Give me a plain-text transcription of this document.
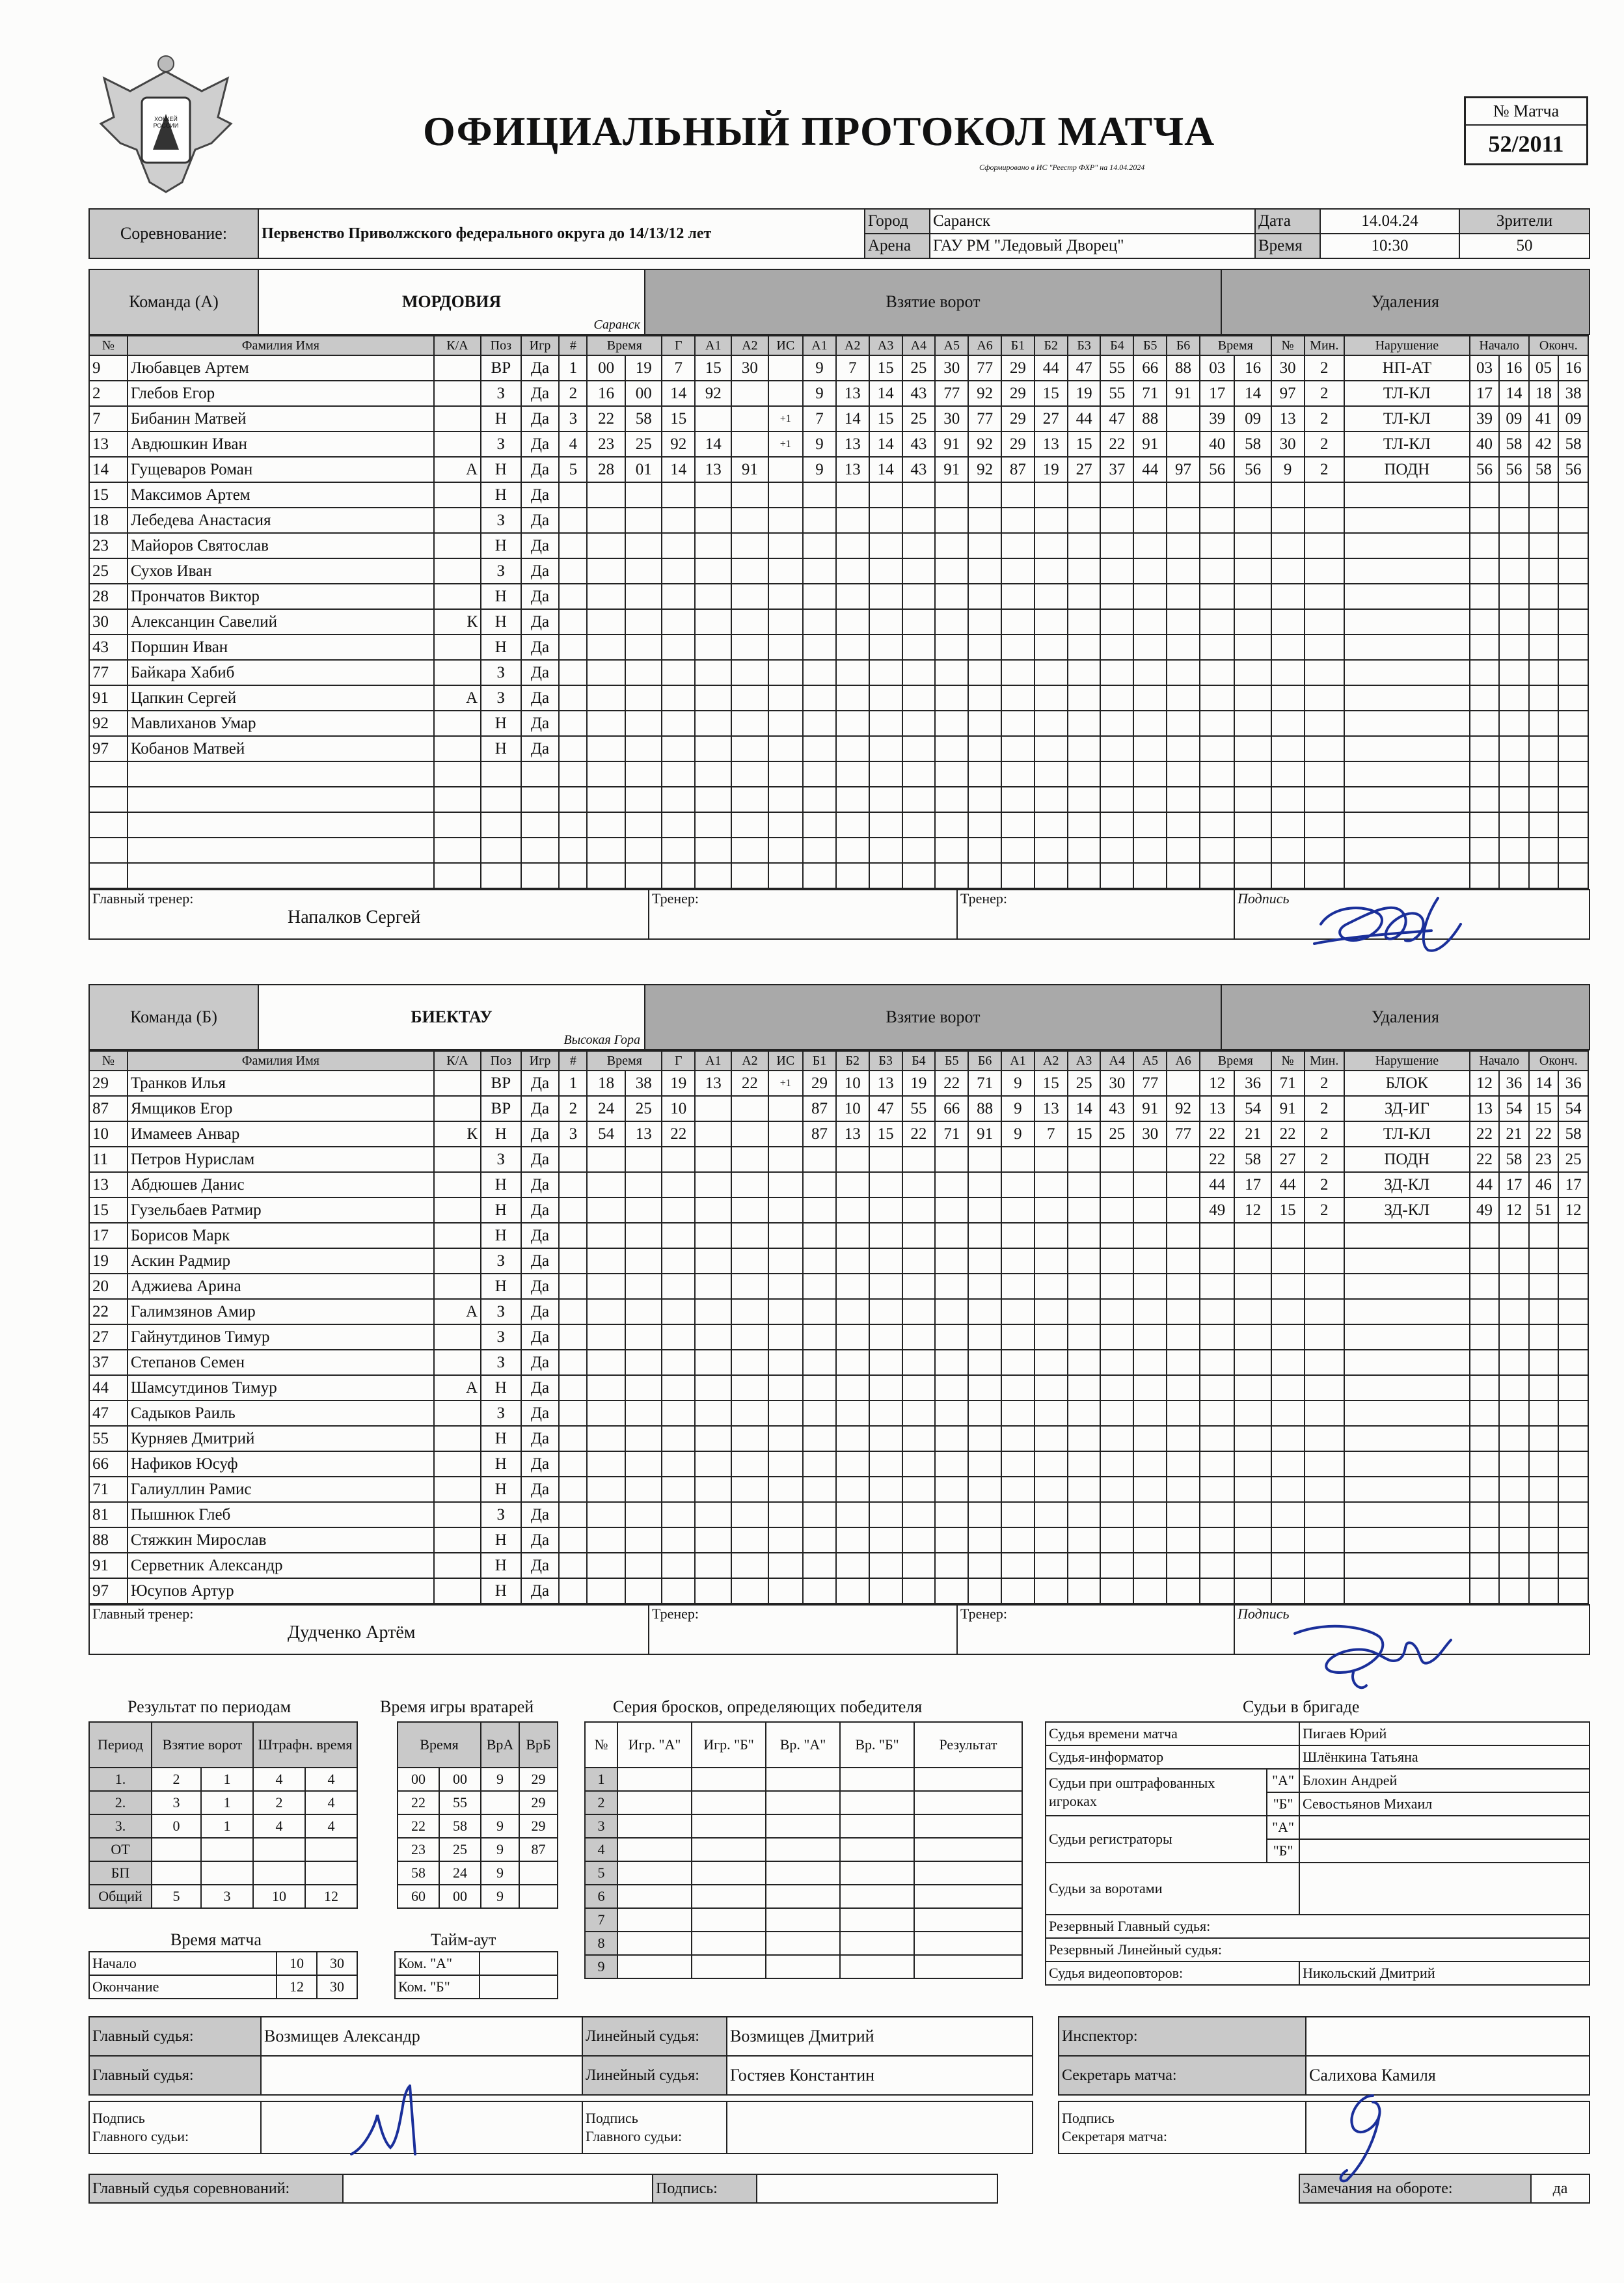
ХОККЕЙ РОССИИ	ОФИЦИАЛЬНЫЙ ПРОТОКОЛ МАТЧА
Сформировано в ИС "Реестр ФХР" на 14.04.2024
№ Матча
52/2011
Соревнование:	Первенство Приволжского федерального округа до 14/13/12 лет	Город	Саранск	Дата	14.04.24	Зрители
		Арена	ГАУ РМ "Ледовый Дворец"	Время	10:30	50
Команда (А)	МОРДОВИЯ
Саранск
	Взятие ворот	Удаления
№	Фамилия Имя	К/А	Поз	Игр	#	Время		Г	А1	А2	ИС	А1	А2	А3	А4	А5	А6	Б1	Б2	Б3	Б4	Б5	Б6	Время		№	Мин.	Нарушение	Начало		Оконч.	
9	Любавцев Артем		ВР	Да	1	00	19	7	15	30		9	7	15	25	30	77	29	44	47	55	66	88	03	16	30	2	НП-АТ	03	16	05	16
2	Глебов Егор		З	Да	2	16	00	14	92			9	13	14	43	77	92	29	15	19	55	71	91	17	14	97	2	ТЛ-КЛ	17	14	18	38
7	Бибанин Матвей		Н	Да	3	22	58	15			+1	7	14	15	25	30	77	29	27	44	47	88		39	09	13	2	ТЛ-КЛ	39	09	41	09
13	Авдюшкин Иван		З	Да	4	23	25	92	14		+1	9	13	14	43	91	92	29	13	15	22	91		40	58	30	2	ТЛ-КЛ	40	58	42	58
14	Гущеваров Роман	А	Н	Да	5	28	01	14	13	91		9	13	14	43	91	92	87	19	27	37	44	97	56	56	9	2	ПОДН	56	56	58	56
15	Максимов Артем		Н	Да																												
18	Лебедева Анастасия		З	Да																												
23	Майоров Святослав		Н	Да																												
25	Сухов Иван		З	Да																												
28	Прончатов Виктор		Н	Да																												
30	Алексанцин Савелий	К	Н	Да																												
43	Поршин Иван		Н	Да																												
77	Байкара Хабиб		З	Да																												
91	Цапкин Сергей	А	З	Да																												
92	Мавлиханов Умар		Н	Да																												
97	Кобанов Матвей		Н	Да																												

Главный тренер:
Напалков Сергей

Тренер:	Тренер:	Подпись
Команда (Б)	БИЕКТАУ
Высокая Гора
	Взятие ворот	Удаления
№	Фамилия Имя	К/А	Поз	Игр	#	Время		Г	А1	А2	ИС	Б1	Б2	Б3	Б4	Б5	Б6	А1	А2	А3	А4	А5	А6	Время		№	Мин.	Нарушение	Начало		Оконч.	
29	Транков Илья		ВР	Да	1	18	38	19	13	22	+1	29	10	13	19	22	71	9	15	25	30	77		12	36	71	2	БЛОК	12	36	14	36
87	Ямщиков Егор		ВР	Да	2	24	25	10				87	10	47	55	66	88	9	13	14	43	91	92	13	54	91	2	ЗД-ИГ	13	54	15	54
10	Имамеев Анвар	К	Н	Да	3	54	13	22				87	13	15	22	71	91	9	7	15	25	30	77	22	21	22	2	ТЛ-КЛ	22	21	22	58
11	Петров Нурислам		З	Да																				22	58	27	2	ПОДН	22	58	23	25
13	Абдюшев Данис		Н	Да																				44	17	44	2	ЗД-КЛ	44	17	46	17
15	Гузельбаев Ратмир		Н	Да																				49	12	15	2	ЗД-КЛ	49	12	51	12
17	Борисов Марк		Н	Да																												
19	Аскин Радмир		З	Да																												
20	Аджиева Арина		Н	Да																												
22	Галимзянов Амир	А	З	Да																												
27	Гайнутдинов Тимур		З	Да																												
37	Степанов Семен		З	Да																												
44	Шамсутдинов Тимур	А	Н	Да																												
47	Садыков Раиль		З	Да																												
55	Курняев Дмитрий		Н	Да																												
66	Нафиков Юсуф		Н	Да																												
71	Галиуллин Рамис		Н	Да																												
81	Пышнюк Глеб		З	Да																												
88	Стяжкин Мирослав		Н	Да																												
91	Серветник Александр		Н	Да																												
97	Юсупов Артур		Н	Да																												
Главный тренер:
Дудченко Артём

Тренер:	Тренер:	Подпись
Результат по периодам
Период	Взятие ворот		Штрафн. время	
1.	2	1	4	4
2.	3	1	2	4
3.	0	1	4	4
ОТ				
БП				
Общий	5	3	10	12
Время игры вратарей
Время		ВрА	ВрБ
00	00	9	29
22	55		29
22	58	9	29
23	25	9	87
58	24	9	
60	00	9	
Серия бросков, определяющих победителя
№	Игр. "А"	Игр. "Б"	Вр. "А"	Вр. "Б"	Результат
1					
2					
3					
4					
5					
6					
7					
8					
9					
Время матча
Начало	10	30
Окончание	12	30
Тайм-аут
Ком. "А"	
Ком. "Б"	
Судьи в бригаде
Судья времени матча		Пигаев Юрий
Судья-информатор		Шлёнкина Татьяна
Судьи при оштрафованных игроках	"А"	Блохин Андрей
	"Б"	Севостьянов Михаил
Судьи регистраторы	"А"	
	"Б"	
Судьи за воротами		
Резервный Главный судья:		
Резервный Линейный судья:		
Судья видеоповторов:		Никольский Дмитрий
Главный судья:	Возмищев Александр	Линейный судья:	Возмищев Дмитрий		Инспектор:	
Главный судья:		Линейный судья:	Гостяев Константин		Секретарь матча:	Салихова Камиля
Подпись
Главного судьи:		Подпись
Главного судьи:			Подпись
Секретаря матча:	
Главный судья соревнований:		Подпись:		Замечания на обороте:	да
